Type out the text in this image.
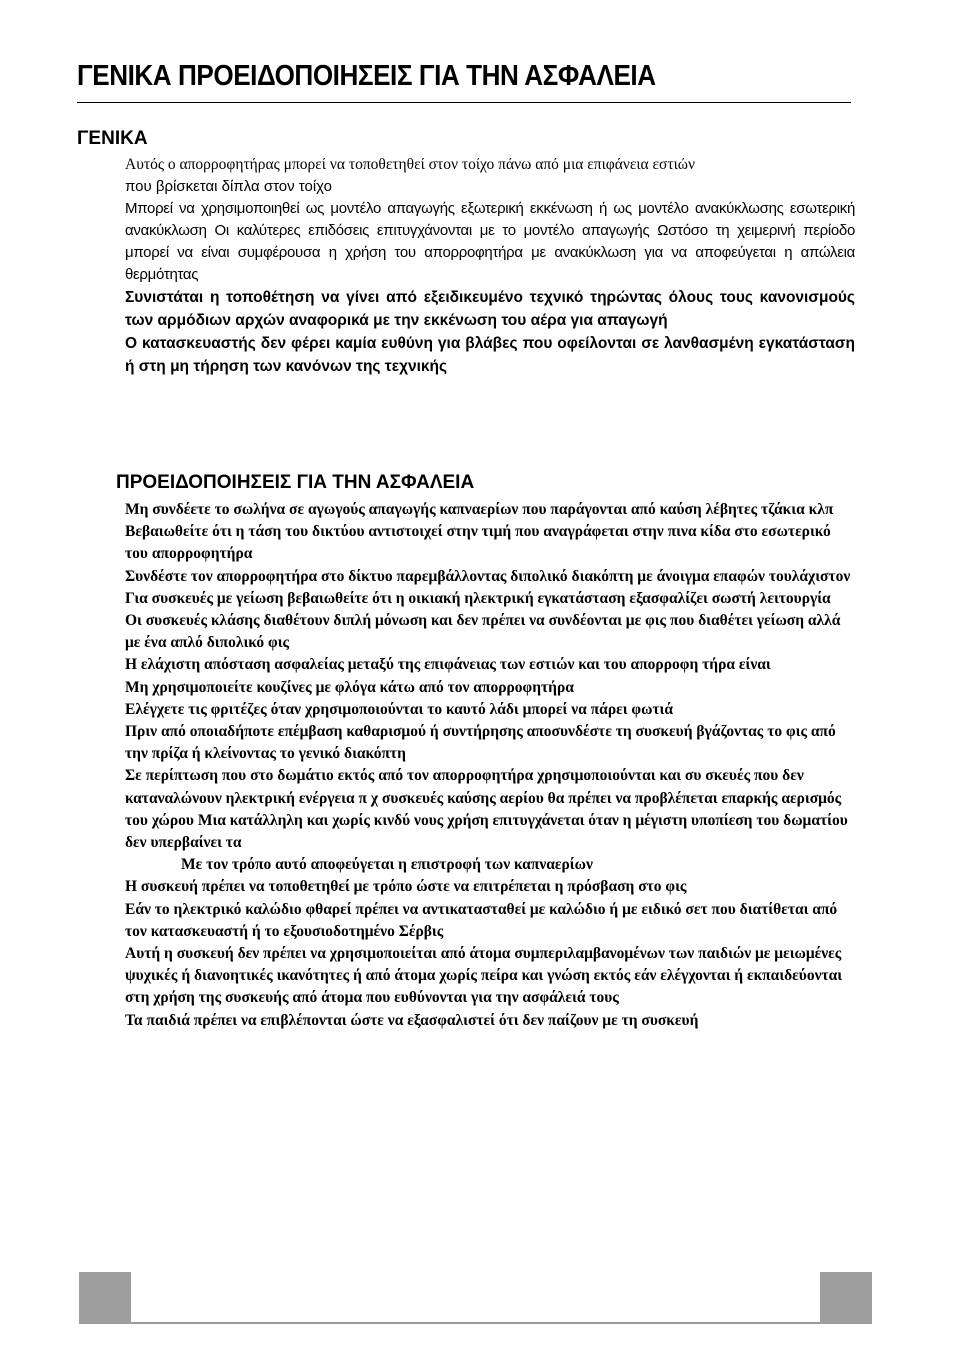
ΓΕΝΙΚΑ ΠΡΟΕΙΔΟΠΟΙΗΣΕΙΣ ΓΙΑ ΤΗΝ ΑΣΦΑΛΕΙΑ
ΓΕΝΙΚΑ
Αυτός ο απορροφητήρας μπορεί να τοποθετηθεί στον τοίχο πάνω από μια επιφάνεια εστιών
που βρίσκεται δίπλα στον τοίχο
Μπορεί να χρησιμοποιηθεί ως μοντέλο απαγωγής εξωτερική εκκένωση ή ως μοντέλο ανακύκλωσης εσωτερική ανακύκλωση Οι καλύτερες επιδόσεις επιτυγχάνονται με το μοντέλο απαγωγής Ωστόσο τη χειμερινή περίοδο μπορεί να είναι συμφέρουσα η χρήση του απορροφητήρα με ανακύκλωση για να αποφεύγεται η απώλεια θερμότητας
Συνιστάται η τοποθέτηση να γίνει από εξειδικευμένο τεχνικό τηρώντας όλους τους κανονισμούς των αρμόδιων αρχών αναφορικά με την εκκένωση του αέρα για απαγωγή
Ο κατασκευαστής δεν φέρει καμία ευθύνη για βλάβες που οφείλονται σε λανθασμένη εγκατάσταση ή στη μη τήρηση των κανόνων της τεχνικής
ΠΡΟΕΙΔΟΠΟΙΗΣΕΙΣ ΓΙΑ ΤΗΝ ΑΣΦΑΛΕΙΑ
Μη συνδέετε το σωλήνα σε αγωγούς απαγωγής καπναερίων που παράγονται από καύση λέβητες τζάκια κλπ
Βεβαιωθείτε ότι η τάση του δικτύου αντιστοιχεί στην τιμή που αναγράφεται στην πινα κίδα στο εσωτερικό του απορροφητήρα
Συνδέστε τον απορροφητήρα στο δίκτυο παρεμβάλλοντας διπολικό διακόπτη με άνοιγμα επαφών τουλάχιστον
Για συσκευές με γείωση βεβαιωθείτε ότι η οικιακή ηλεκτρική εγκατάσταση εξασφαλίζει σωστή λειτουργία
Οι συσκευές κλάσης διαθέτουν διπλή μόνωση και δεν πρέπει να συνδέονται με φις που διαθέτει γείωση αλλά με ένα απλό διπολικό φις
Η ελάχιστη απόσταση ασφαλείας μεταξύ της επιφάνειας των εστιών και του απορροφη τήρα είναι
Μη χρησιμοποιείτε κουζίνες με φλόγα κάτω από τον απορροφητήρα
Ελέγχετε τις φριτέζες όταν χρησιμοποιούνται το καυτό λάδι μπορεί να πάρει φωτιά
Πριν από οποιαδήποτε επέμβαση καθαρισμού ή συντήρησης αποσυνδέστε τη συσκευή βγάζοντας το φις από την πρίζα ή κλείνοντας το γενικό διακόπτη
Σε περίπτωση που στο δωμάτιο εκτός από τον απορροφητήρα χρησιμοποιούνται και συ σκευές που δεν καταναλώνουν ηλεκτρική ενέργεια π χ συσκευές καύσης αερίου θα πρέπει να προβλέπεται επαρκής αερισμός του χώρου Μια κατάλληλη και χωρίς κινδύ νους χρήση επιτυγχάνεται όταν η μέγιστη υποπίεση του δωματίου δεν υπερβαίνει τα
Με τον τρόπο αυτό αποφεύγεται η επιστροφή των καπναερίων
Η συσκευή πρέπει να τοποθετηθεί με τρόπο ώστε να επιτρέπεται η πρόσβαση στο φις
Εάν το ηλεκτρικό καλώδιο φθαρεί πρέπει να αντικατασταθεί με καλώδιο ή με ειδικό σετ που διατίθεται από τον κατασκευαστή ή το εξουσιοδοτημένο Σέρβις
Αυτή η συσκευή δεν πρέπει να χρησιμοποιείται από άτομα συμπεριλαμβανομένων των παιδιών με μειωμένες ψυχικές ή διανοητικές ικανότητες ή από άτομα χωρίς πείρα και γνώση εκτός εάν ελέγχονται ή εκπαιδεύονται στη χρήση της συσκευής από άτομα που ευθύνονται για την ασφάλειά τους
Τα παιδιά πρέπει να επιβλέπονται ώστε να εξασφαλιστεί ότι δεν παίζουν με τη συσκευή
